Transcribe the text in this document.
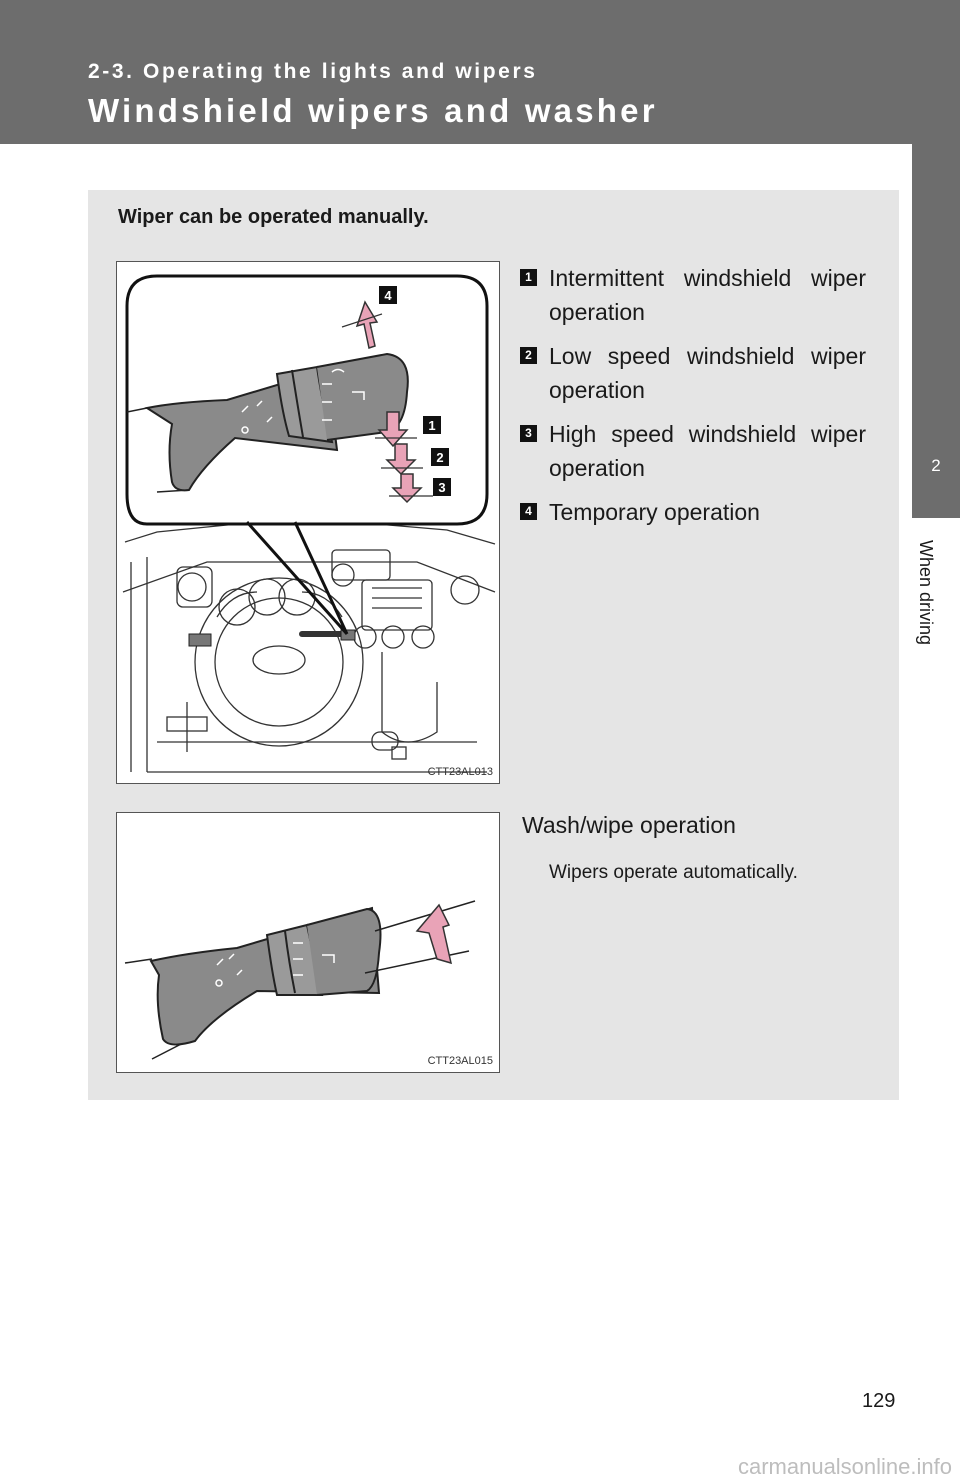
2-3. Operating the lights and wipers
Windshield wipers and washer
2
When driving
Wiper can be operated manually.
4
1
2
3
CTT23AL013
1 Intermittent windshield wiper operation
2 Low speed windshield wiper operation
3 High speed windshield wiper operation
4 Temporary operation
CTT23AL015
Wash/wipe operation
Wipers operate automatically.
129
carmanualsonline.info
